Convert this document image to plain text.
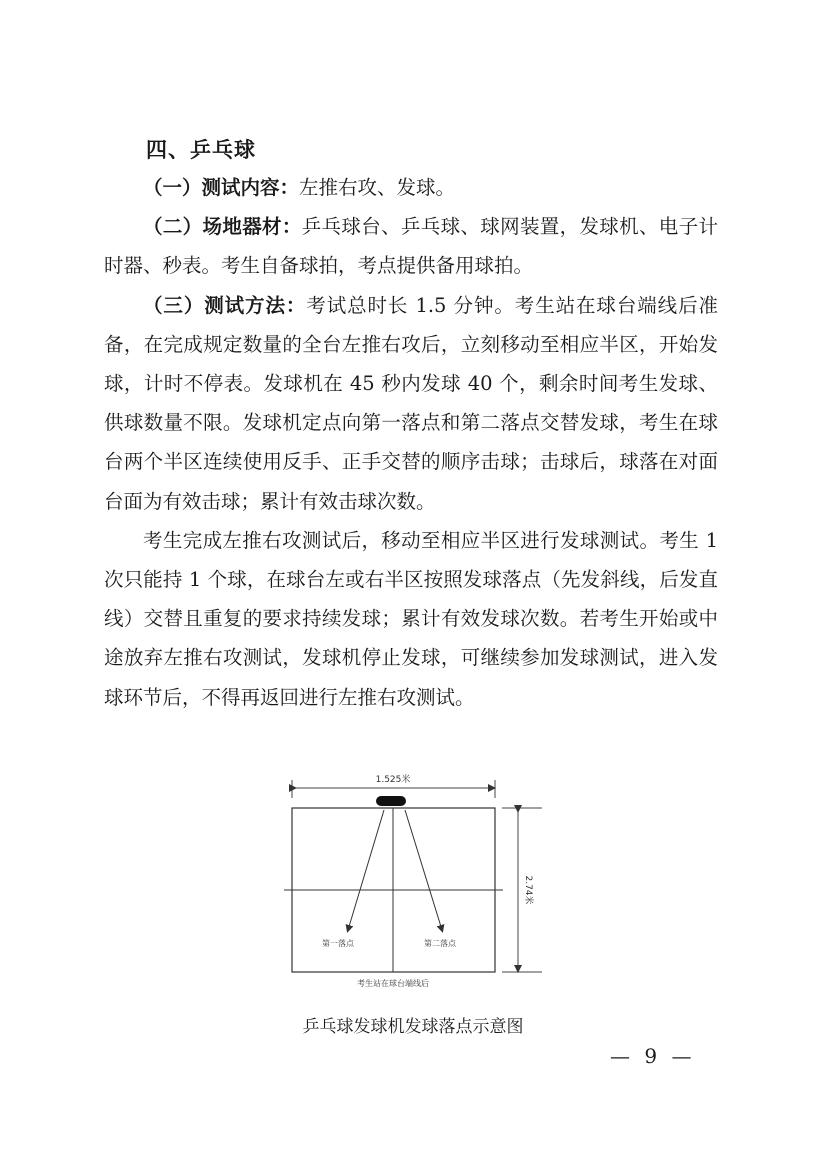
四、乒乓球

（一）测试内容：左推右攻、发球。

（二）场地器材：乒乓球台、乒乓球、球网装置，发球机、电子计时器、秒表。考生自备球拍，考点提供备用球拍。

（三）测试方法：考试总时长 1.5 分钟。考生站在球台端线后准备，在完成规定数量的全台左推右攻后，立刻移动至相应半区，开始发球，计时不停表。发球机在 45 秒内发球 40 个，剩余时间考生发球、供球数量不限。发球机定点向第一落点和第二落点交替发球，考生在球台两个半区连续使用反手、正手交替的顺序击球；击球后，球落在对面台面为有效击球；累计有效击球次数。

考生完成左推右攻测试后，移动至相应半区进行发球测试。考生 1 次只能持 1 个球，在球台左或右半区按照发球落点（先发斜线，后发直线）交替且重复的要求持续发球；累计有效发球次数。若考生开始或中途放弃左推右攻测试，发球机停止发球，可继续参加发球测试，进入发球环节后，不得再返回进行左推右攻测试。

1.525米
第一落点	第二落点
2.74米
考生站在球台端线后
乒乓球发球机发球落点示意图
— 9 —
